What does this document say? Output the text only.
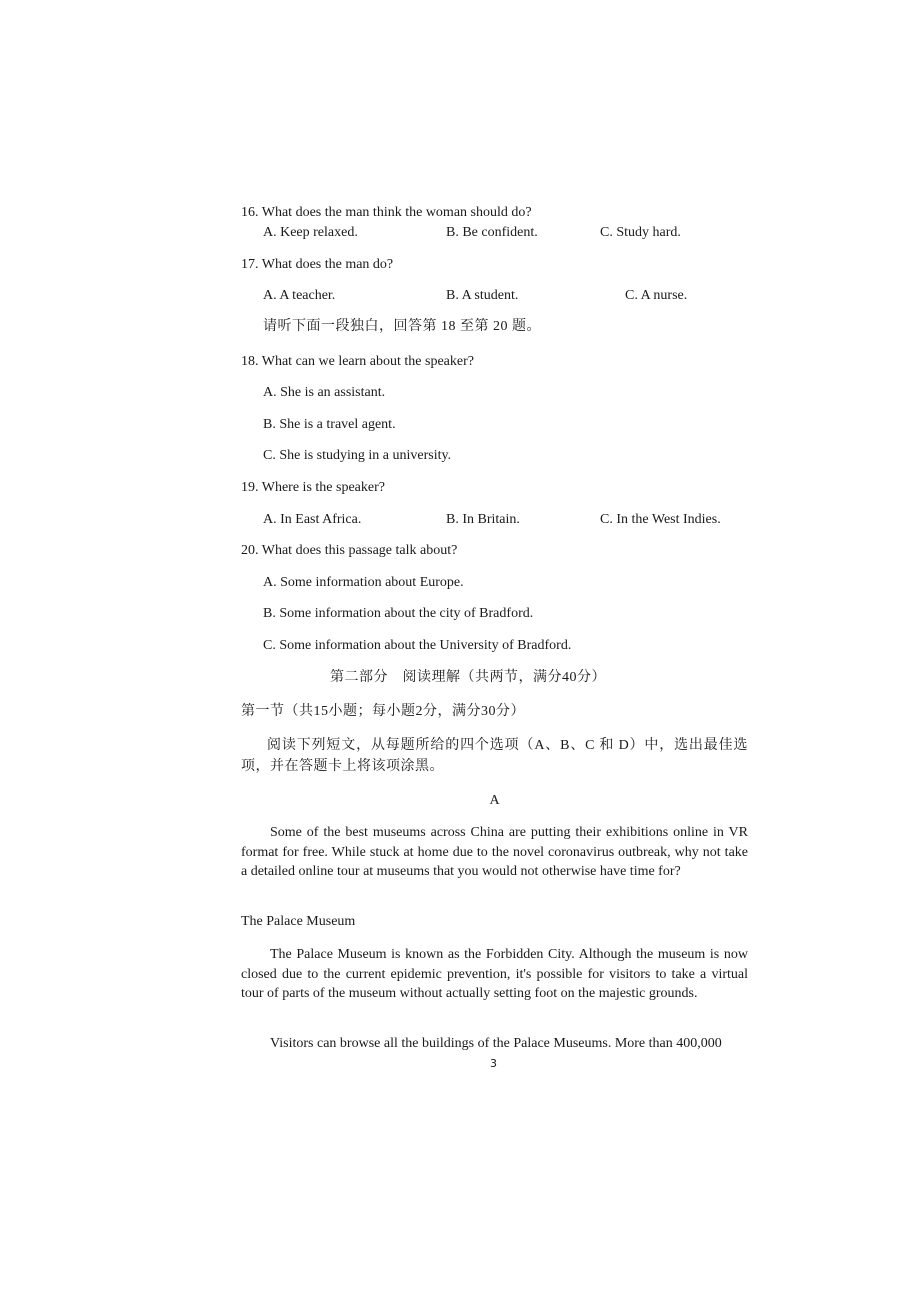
16. What does the man think the woman should do?
A. Keep relaxed.	B. Be confident.	C. Study hard.
17. What does the man do?
A. A teacher.	B. A student.	C. A nurse.
请听下面一段独白，回答第 18 至第 20 题。
18. What can we learn about the speaker?
A. She is an assistant.
B. She is a travel agent.
C. She is studying in a university.
19. Where is the speaker?
A. In East Africa.	B. In Britain.	C. In the West Indies.
20. What does this passage talk about?
A. Some information about Europe.
B. Some information about the city of Bradford.
C. Some information about the University of Bradford.
第二部分　阅读理解（共两节，满分40分）
第一节（共15小题；每小题2分，满分30分）
阅读下列短文，从每题所给的四个选项（A、B、C 和 D）中，选出最佳选项，并在答题卡上将该项涂黑。
A
Some of the best museums across China are putting their exhibitions online in VR format for free. While stuck at home due to the novel coronavirus outbreak, why not take a detailed online tour at museums that you would not otherwise have time for?
The Palace Museum
The Palace Museum is known as the Forbidden City. Although the museum is now closed due to the current epidemic prevention, it's possible for visitors to take a virtual tour of parts of the museum without actually setting foot on the majestic grounds.
Visitors can browse all the buildings of the Palace Museums. More than 400,000
3
